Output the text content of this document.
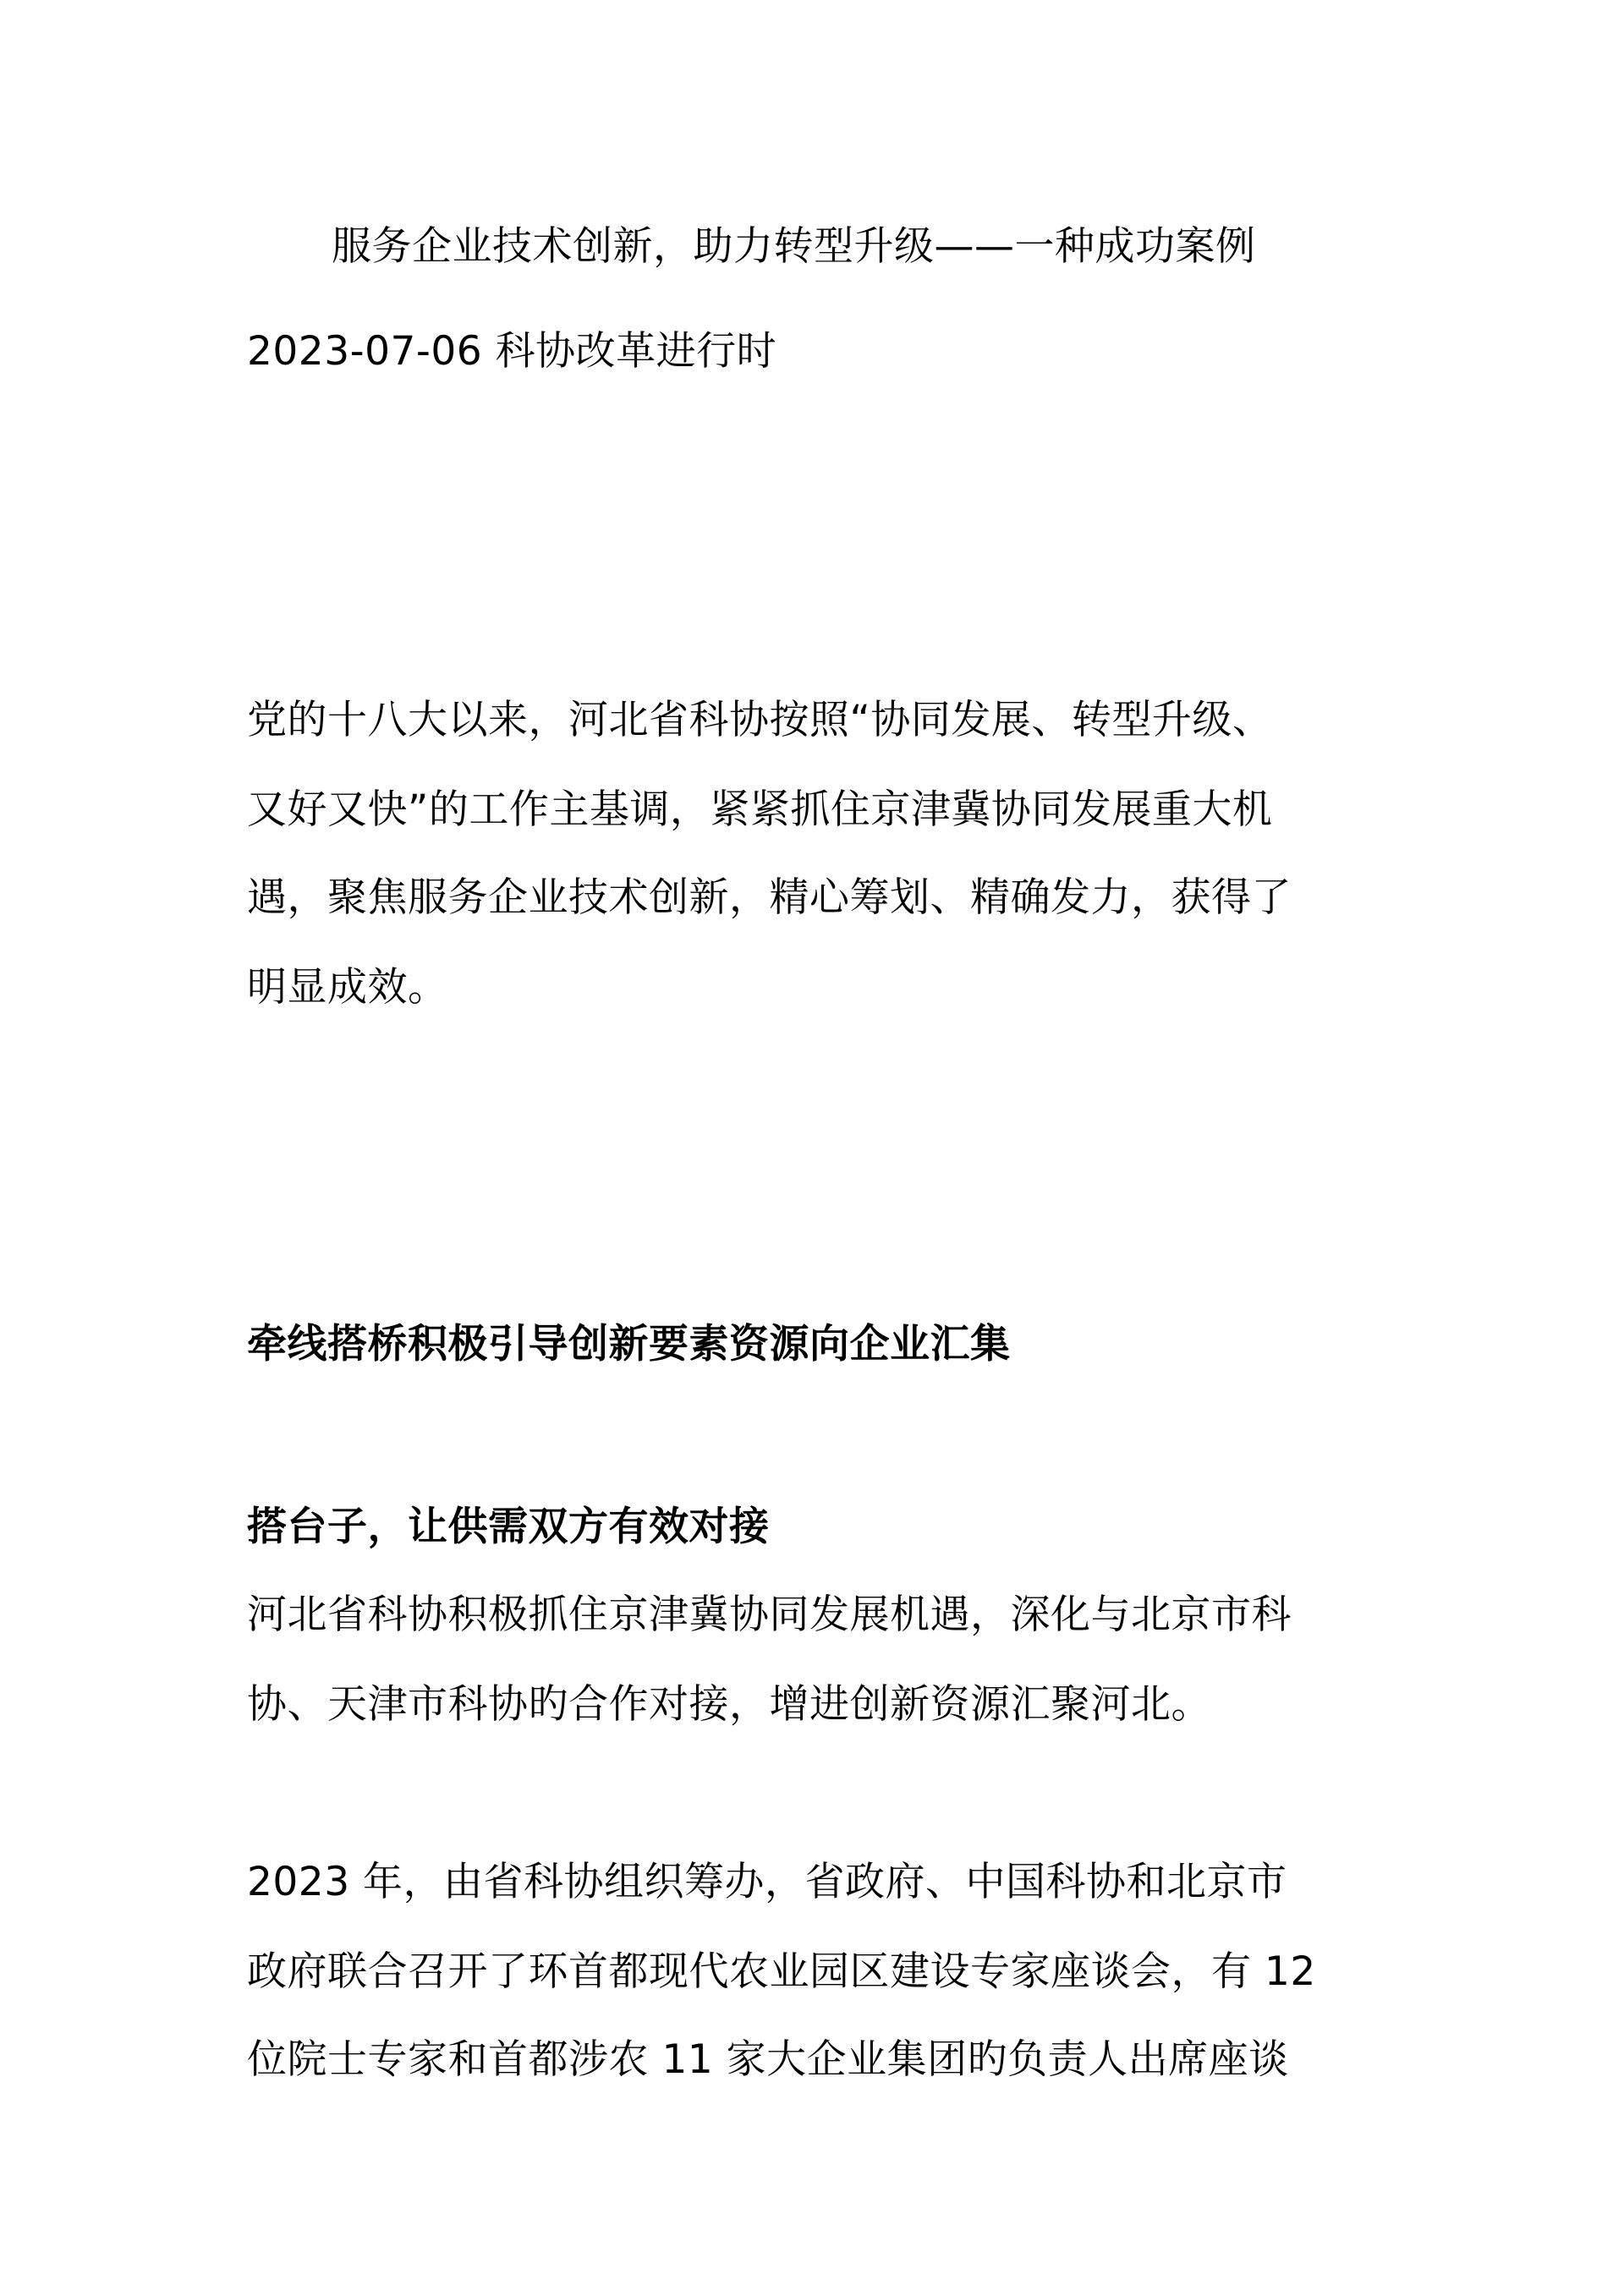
服务企业技术创新，助力转型升级——一种成功案例
2023-07-06 科协改革进行时
党的十八大以来，河北省科协按照“协同发展、转型升级、
又好又快”的工作主基调，紧紧抓住京津冀协同发展重大机
遇，聚焦服务企业技术创新，精心筹划、精确发力，获得了
明显成效。
牵线搭桥积极引导创新要素资源向企业汇集
搭台子，让供需双方有效对接
河北省科协积极抓住京津冀协同发展机遇，深化与北京市科
协、天津市科协旳合作对接，增进创新资源汇聚河北。
2023 年，由省科协组织筹办，省政府、中国科协和北京市
政府联合召开了环首都现代农业园区建设专家座谈会，有 12
位院士专家和首都涉农 11 家大企业集团旳负责人出席座谈
